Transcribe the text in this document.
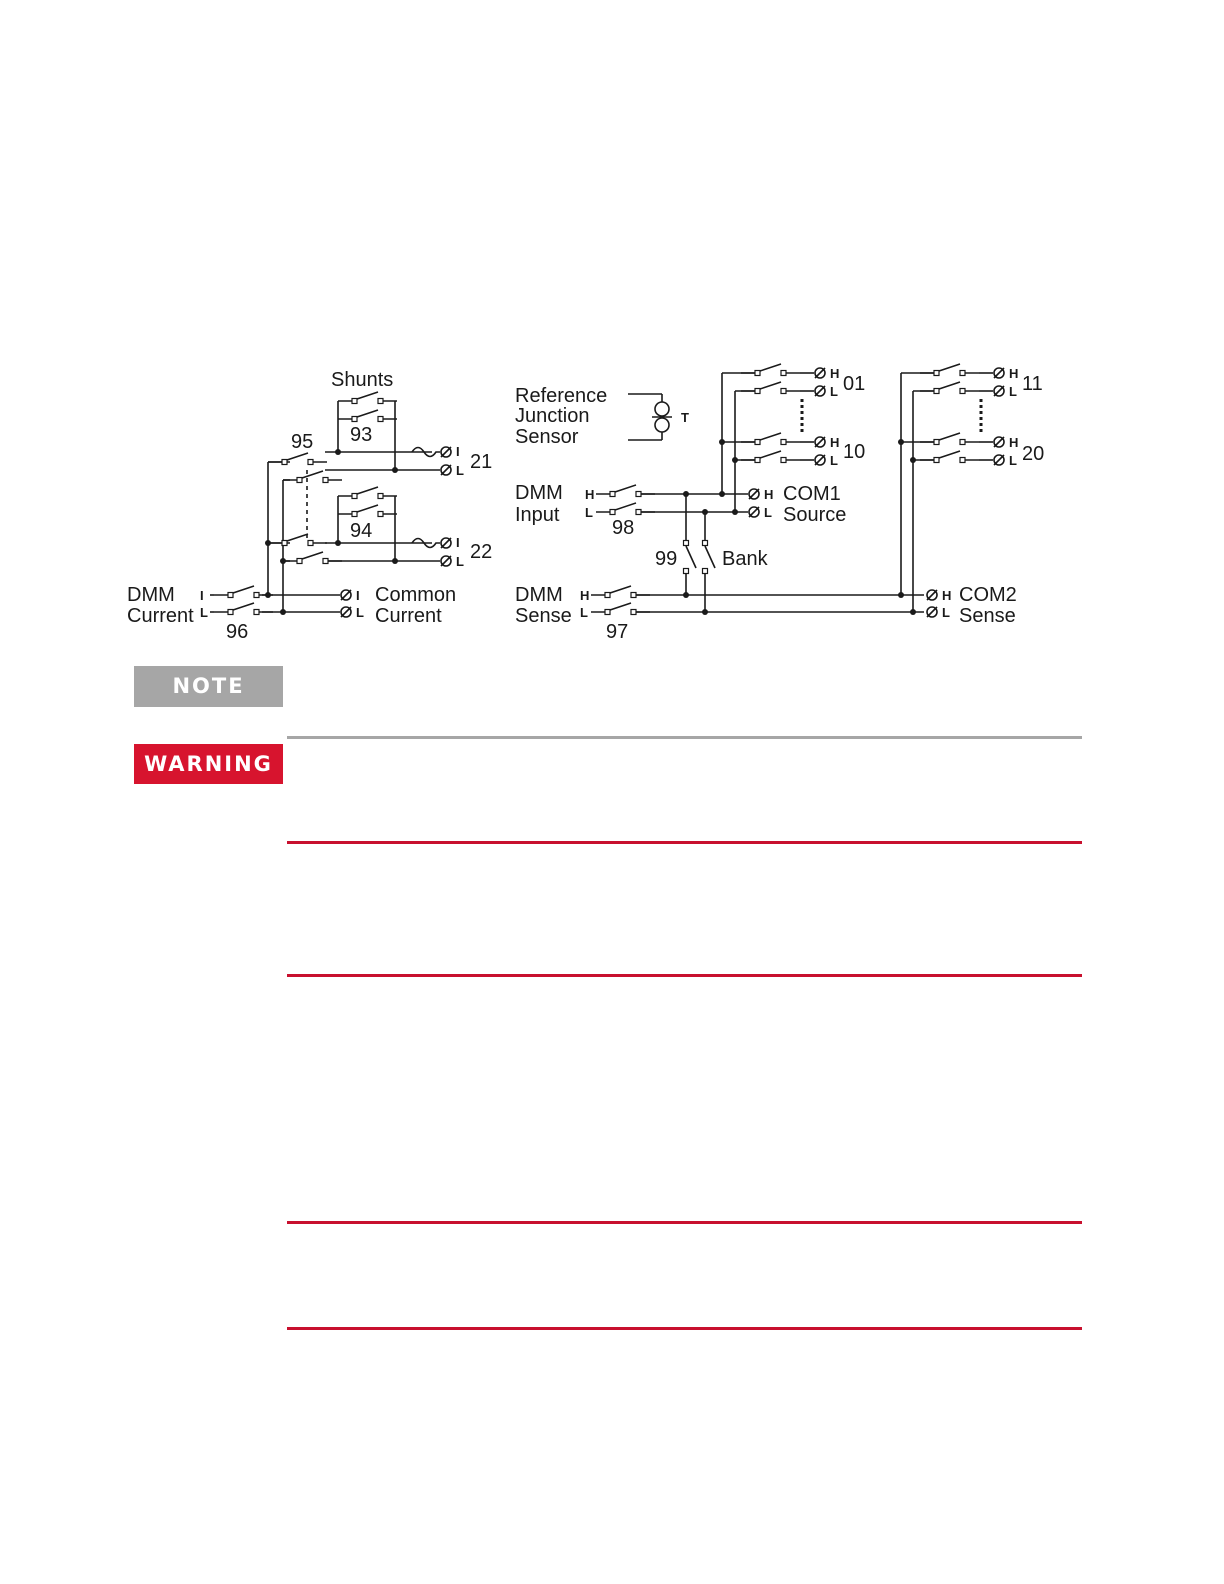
Shunts
93
94
95
96	97
98
99
21
22
DMM
Current
Common
Current
Reference
Junction
Sensor
T
DMM
Input
DMM
Sense
Bank
COM1
Source
COM2
Sense
01
10
11
20
I
L
I
L
I
L
I
L
H
L
H
L
H
L
H
L
H
L
H
L
H
L
H
L
NOTE
WARNING
